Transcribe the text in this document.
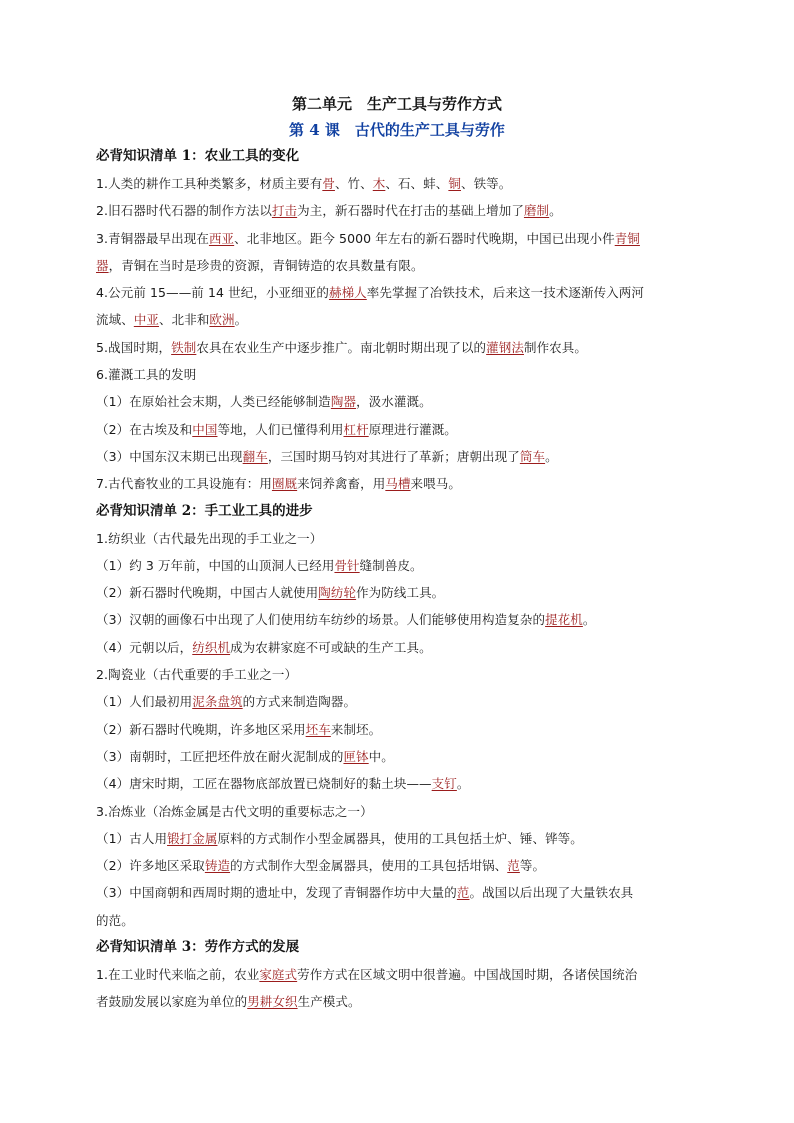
第二单元　生产工具与劳作方式
第 4 课　古代的生产工具与劳作
必背知识清单 1：农业工具的变化
1.人类的耕作工具种类繁多，材质主要有骨、竹、木、石、蚌、铜、铁等。
2.旧石器时代石器的制作方法以打击为主，新石器时代在打击的基础上增加了磨制。
3.青铜器最早出现在西亚、北非地区。距今 5000 年左右的新石器时代晚期，中国已出现小件青铜
器，青铜在当时是珍贵的资源，青铜铸造的农具数量有限。
4.公元前 15——前 14 世纪，小亚细亚的赫梯人率先掌握了冶铁技术，后来这一技术逐渐传入两河
流域、中亚、北非和欧洲。
5.战国时期，铁制农具在农业生产中逐步推广。南北朝时期出现了以的灌钢法制作农具。
6.灌溉工具的发明
（1）在原始社会末期，人类已经能够制造陶器，汲水灌溉。
（2）在古埃及和中国等地，人们已懂得利用杠杆原理进行灌溉。
（3）中国东汉末期已出现翻车，三国时期马钧对其进行了革新；唐朝出现了筒车。
7.古代畜牧业的工具设施有：用圈厩来饲养禽畜，用马槽来喂马。
必背知识清单 2：手工业工具的进步
1.纺织业（古代最先出现的手工业之一）
（1）约 3 万年前，中国的山顶洞人已经用骨针缝制兽皮。
（2）新石器时代晚期，中国古人就使用陶纺轮作为防线工具。
（3）汉朝的画像石中出现了人们使用纺车纺纱的场景。人们能够使用构造复杂的提花机。
（4）元朝以后，纺织机成为农耕家庭不可或缺的生产工具。
2.陶瓷业（古代重要的手工业之一）
（1）人们最初用泥条盘筑的方式来制造陶器。
（2）新石器时代晚期，许多地区采用坯车来制坯。
（3）南朝时，工匠把坯件放在耐火泥制成的匣钵中。
（4）唐宋时期，工匠在器物底部放置已烧制好的黏土块——支钉。
3.冶炼业（冶炼金属是古代文明的重要标志之一）
（1）古人用锻打金属原料的方式制作小型金属器具，使用的工具包括土炉、锤、铧等。
（2）许多地区采取铸造的方式制作大型金属器具，使用的工具包括坩锅、范等。
（3）中国商朝和西周时期的遗址中，发现了青铜器作坊中大量的范。战国以后出现了大量铁农具
的范。
必背知识清单 3：劳作方式的发展
1.在工业时代来临之前，农业家庭式劳作方式在区域文明中很普遍。中国战国时期，各诸侯国统治
者鼓励发展以家庭为单位的男耕女织生产模式。
